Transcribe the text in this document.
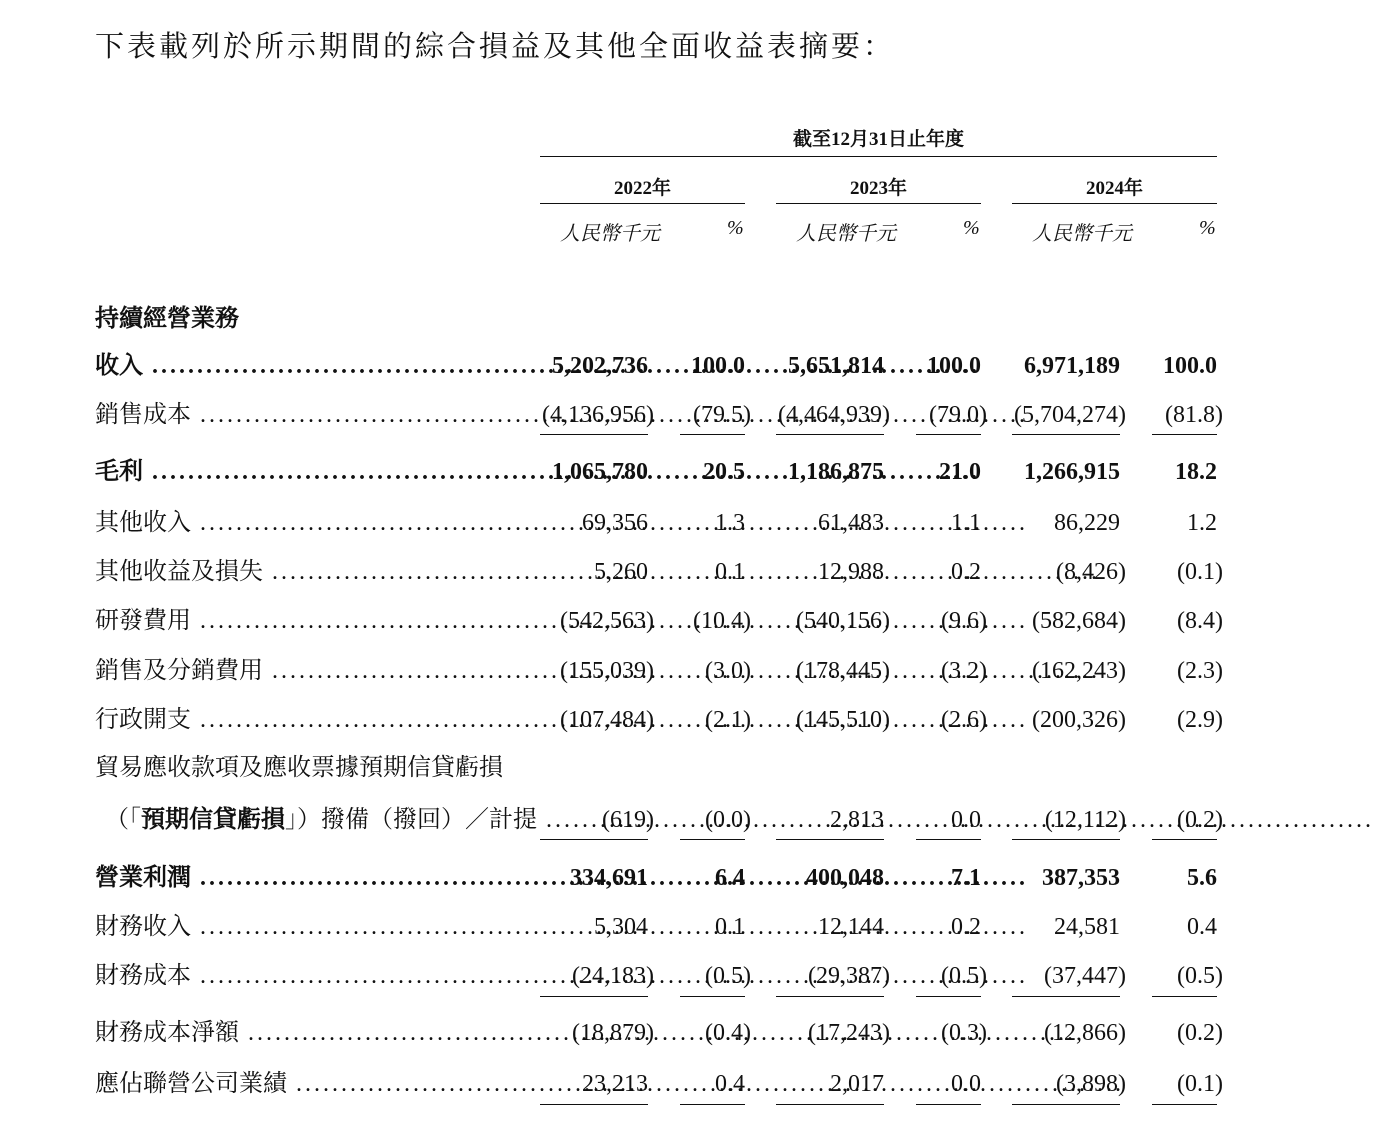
下表載列於所示期間的綜合損益及其他全面收益表摘要：
截至12月31日止年度
2022年	2023年	2024年
人民幣千元	%	人民幣千元	%	人民幣千元	%
持續經營業務
收入 .....	5,202,736 100.0 5,651,814 100.0 6,971,189 100.0
銷售成本 .....	(4,136,956) (79.5) (4,464,939) (79.0) (5,704,274) (81.8)
毛利 .....	1,065,780 20.5 1,186,875 21.0 1,266,915 18.2
其他收入 .....	69,356	1.3	61,483	1.1	86,229	1.2
其他收益及損失 .....	5,260	0.1	12,988	0.2	(8,426) (0.1)
研發費用 .....	(542,563) (10.4) (540,156) (9.6) (582,684) (8.4)
銷售及分銷費用 .....	(155,039) (3.0) (178,445) (3.2) (162,243) (2.3)
行政開支 .....	(107,484) (2.1) (145,510) (2.6) (200,326) (2.9)
貿易應收款項及應收票據預期信貸虧損
（「預期信貸虧損」）撥備（撥回）／計提 .....	(619) (0.0)	2,813	0.0	(12,112) (0.2)
營業利潤 .....	334,691	6.4	400,048	7.1	387,353	5.6
財務收入 .....	5,304	0.1	12,144	0.2	24,581	0.4
財務成本 .....	(24,183) (0.5) (29,387) (0.5) (37,447) (0.5)
財務成本淨額 .....	(18,879) (0.4) (17,243) (0.3) (12,866) (0.2)
應佔聯營公司業績 .....	23,213	0.4	2,017	0.0	(3,898) (0.1)
